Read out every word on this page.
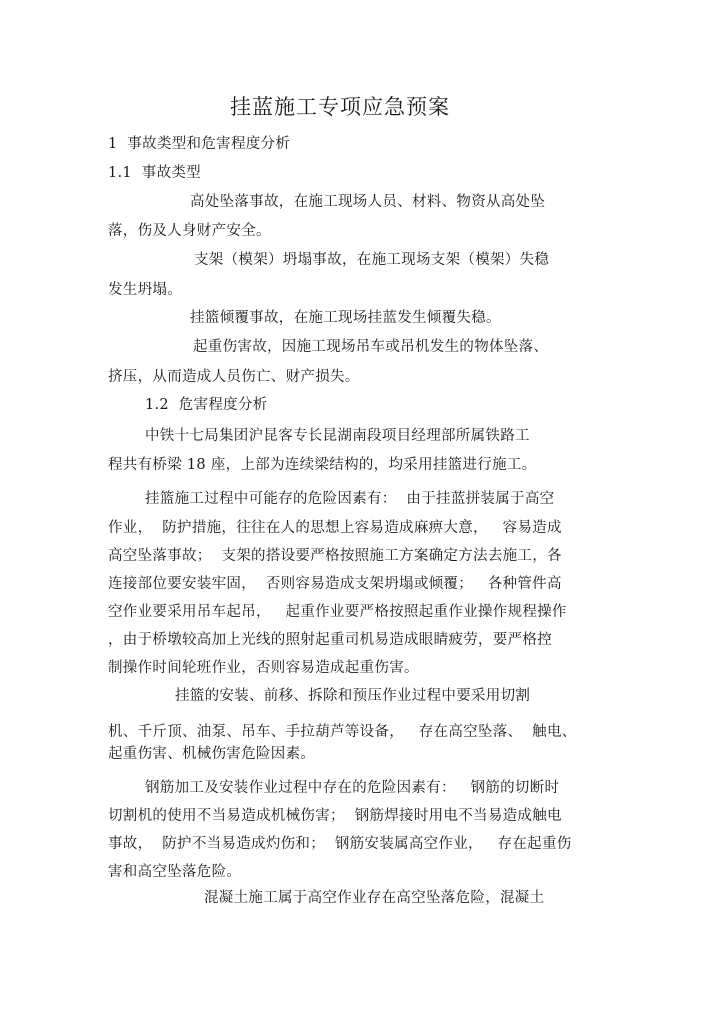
挂蓝施工专项应急预案
1  事故类型和危害程度分析
1.1  事故类型
高处坠落事故，在施工现场人员、材料、物资从高处坠
落，伤及人身财产安全。
支架（模架）坍塌事故，在施工现场支架（模架）失稳
发生坍塌。
挂篮倾覆事故，在施工现场挂蓝发生倾覆失稳。
起重伤害故，因施工现场吊车或吊机发生的物体坠落、
挤压，从而造成人员伤亡、财产损失。
1.2  危害程度分析
中铁十七局集团沪昆客专长昆湖南段项目经理部所属铁路工
程共有桥梁 18 座，上部为连续梁结构的，均采用挂篮进行施工。
挂篮施工过程中可能存的危险因素有：  由于挂蓝拼装属于高空
作业，  防护措施，往往在人的思想上容易造成麻痹大意，   容易造成
高空坠落事故；  支架的搭设要严格按照施工方案确定方法去施工，各
连接部位要安装牢固，  否则容易造成支架坍塌或倾覆；   各种管件高
空作业要采用吊车起吊，   起重作业要严格按照起重作业操作规程操作
，由于桥墩较高加上光线的照射起重司机易造成眼睛疲劳，要严格控
制操作时间轮班作业，否则容易造成起重伤害。
挂篮的安装、前移、拆除和预压作业过程中要采用切割
机、千斤顶、油泵、吊车、手拉葫芦等设备，   存在高空坠落、  触电、
起重伤害、机械伤害危险因素。
钢筋加工及安装作业过程中存在的危险因素有：   钢筋的切断时
切割机的使用不当易造成机械伤害；  钢筋焊接时用电不当易造成触电
事故，  防护不当易造成灼伤和；  钢筋安装属高空作业，   存在起重伤
害和高空坠落危险。
混凝土施工属于高空作业存在高空坠落危险，混凝土
